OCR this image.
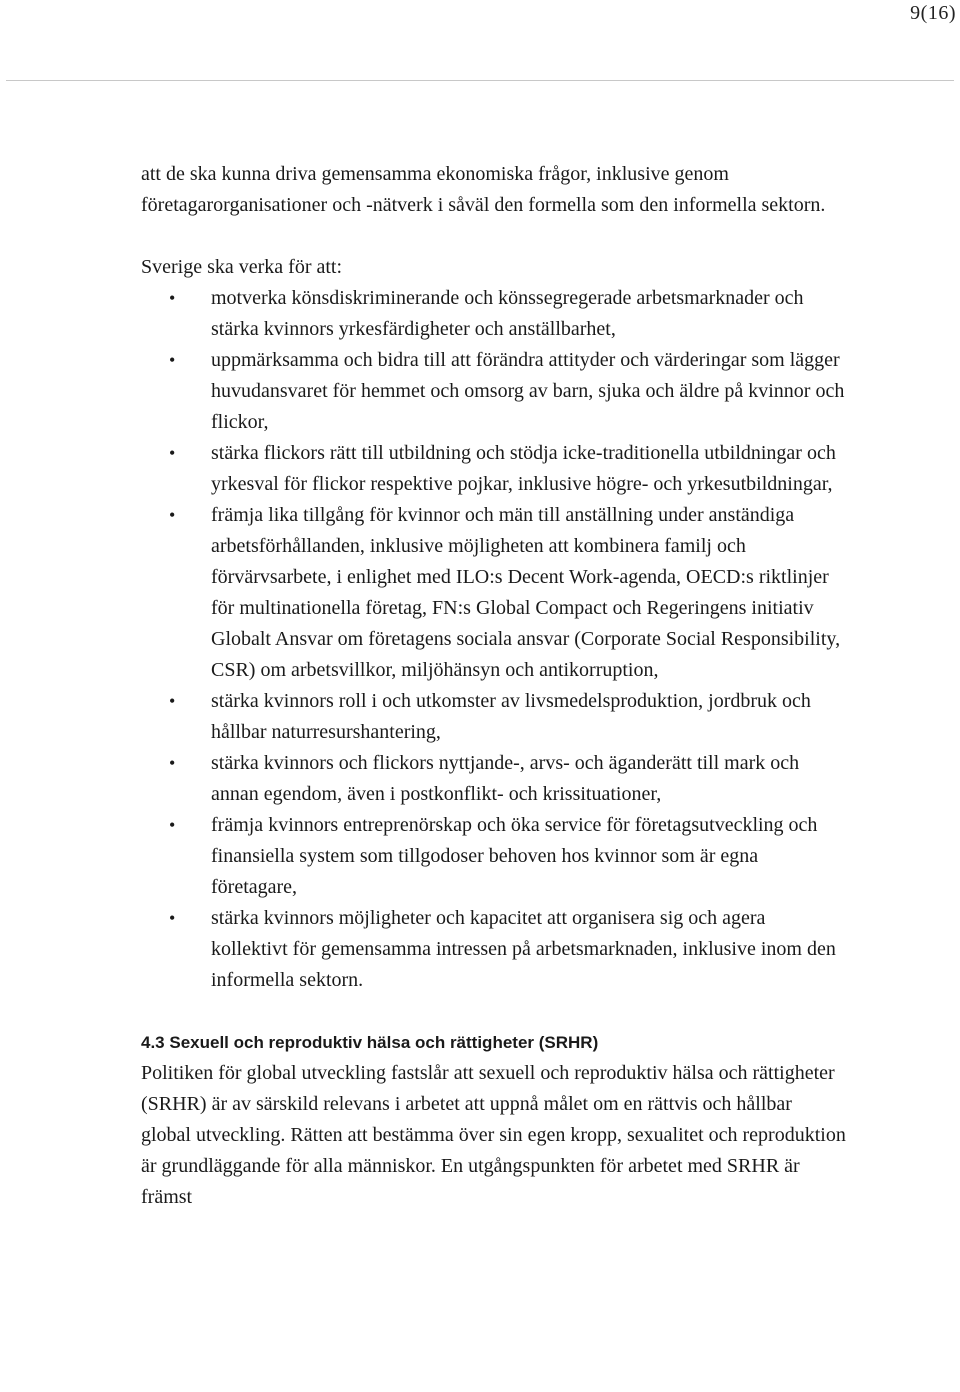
9(16)

att de ska kunna driva gemensamma ekonomiska frågor, inklusive genom företagarorganisationer och -nätverk i såväl den formella som den informella sektorn.

Sverige ska verka för att:

• motverka könsdiskriminerande och könssegregerade arbetsmarknader och stärka kvinnors yrkesfärdigheter och anställbarhet,
• uppmärksamma och bidra till att förändra attityder och värderingar som lägger huvudansvaret för hemmet och omsorg av barn, sjuka och äldre på kvinnor och flickor,
• stärka flickors rätt till utbildning och stödja icke-traditionella utbildningar och yrkesval för flickor respektive pojkar, inklusive högre- och yrkesutbildningar,
• främja lika tillgång för kvinnor och män till anställning under anständiga arbetsförhållanden, inklusive möjligheten att kombinera familj och förvärvsarbete, i enlighet med ILO:s Decent Work-agenda, OECD:s riktlinjer för multinationella företag, FN:s Global Compact och Regeringens initiativ Globalt Ansvar om företagens sociala ansvar (Corporate Social Responsibility, CSR) om arbetsvillkor, miljöhänsyn och antikorruption,
• stärka kvinnors roll i och utkomster av livsmedelsproduktion, jordbruk och hållbar naturresurshantering,
• stärka kvinnors och flickors nyttjande-, arvs- och äganderätt till mark och annan egendom, även i postkonflikt- och krissituationer,
• främja kvinnors entreprenörskap och öka service för företagsutveckling och finansiella system som tillgodoser behoven hos kvinnor som är egna företagare,
• stärka kvinnors möjligheter och kapacitet att organisera sig och agera kollektivt för gemensamma intressen på arbetsmarknaden, inklusive inom den informella sektorn.
4.3 Sexuell och reproduktiv hälsa och rättigheter (SRHR)

Politiken för global utveckling fastslår att sexuell och reproduktiv hälsa och rättigheter (SRHR) är av särskild relevans i arbetet att uppnå målet om en rättvis och hållbar global utveckling. Rätten att bestämma över sin egen kropp, sexualitet och reproduktion är grundläggande för alla människor. En utgångspunkten för arbetet med SRHR är främst
